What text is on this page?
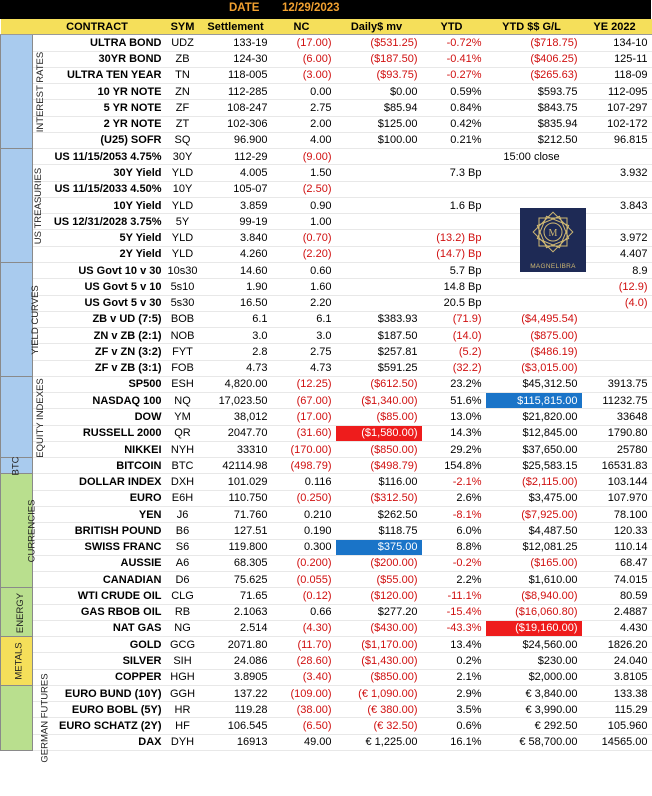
DATE 12/29/2023
	CONTRACT	SYM	Settlement	NC	Daily$ mv	YTD	YTD $$ G/L	YE 2022
INTEREST RATES	ULTRA BOND	UDZ	133-19	(17.00)	($531.25)	-0.72%	($718.75)	134-10
	30YR BOND	ZB	124-30	(6.00)	($187.50)	-0.41%	($406.25)	125-11
	ULTRA TEN YEAR	TN	118-005	(3.00)	($93.75)	-0.27%	($265.63)	118-09
	10 YR NOTE	ZN	112-285	0.00	$0.00	0.59%	$593.75	112-095
	5 YR NOTE	ZF	108-247	2.75	$85.94	0.84%	$843.75	107-297
	2 YR NOTE	ZT	102-306	2.00	$125.00	0.42%	$835.94	102-172
	(U25) SOFR	SQ	96.900	4.00	$100.00	0.21%	$212.50	96.815
US TREASURIES	US 11/15/2053 4.75%	30Y	112-29	(9.00)			15:00 close	
	30Y Yield	YLD	4.005	1.50		7.3 Bp		3.932
	US 11/15/2033 4.50%	10Y	105-07	(2.50)				
	10Y Yield	YLD	3.859	0.90		1.6 Bp		3.843
	US 12/31/2028 3.75%	5Y	99-19	1.00				
	5Y Yield	YLD	3.840	(0.70)		(13.2) Bp		3.972
	2Y Yield	YLD	4.260	(2.20)		(14.7) Bp		4.407
YIELD CURVES	US Govt 10 v 30	10s30	14.60	0.60		5.7 Bp		8.9
	US Govt 5 v 10	5s10	1.90	1.60		14.8 Bp		(12.9)
	US Govt 5 v 30	5s30	16.50	2.20		20.5 Bp		(4.0)
	ZB v UD (7:5)	BOB	6.1	6.1	$383.93	(71.9)	($4,495.54)	
	ZN v ZB (2:1)	NOB	3.0	3.0	$187.50	(14.0)	($875.00)	
	ZF v ZN (3:2)	FYT	2.8	2.75	$257.81	(5.2)	($486.19)	
	ZF v ZB (3:1)	FOB	4.73	4.73	$591.25	(32.2)	($3,015.00)	
EQUITY INDEXES	SP500	ESH	4,820.00	(12.25)	($612.50)	23.2%	$45,312.50	3913.75
	NASDAQ 100	NQ	17,023.50	(67.00)	($1,340.00)	51.6%	$115,815.00	11232.75
	DOW	YM	38,012	(17.00)	($85.00)	13.0%	$21,820.00	33648
	RUSSELL 2000	QR	2047.70	(31.60)	($1,580.00)	14.3%	$12,845.00	1790.80
	NIKKEI	NYH	33310	(170.00)	($850.00)	29.2%	$37,650.00	25780
BTC	BITCOIN	BTC	42114.98	(498.79)	($498.79)	154.8%	$25,583.15	16531.83
CURRENCIES	DOLLAR INDEX	DXH	101.029	0.116	$116.00	-2.1%	($2,115.00)	103.144
	EURO	E6H	110.750	(0.250)	($312.50)	2.6%	$3,475.00	107.970
	YEN	J6	71.760	0.210	$262.50	-8.1%	($7,925.00)	78.100
	BRITISH POUND	B6	127.51	0.190	$118.75	6.0%	$4,487.50	120.33
	SWISS FRANC	S6	119.800	0.300	$375.00	8.8%	$12,081.25	110.14
	AUSSIE	A6	68.305	(0.200)	($200.00)	-0.2%	($165.00)	68.47
	CANADIAN	D6	75.625	(0.055)	($55.00)	2.2%	$1,610.00	74.015
ENERGY	WTI CRUDE OIL	CLG	71.65	(0.12)	($120.00)	-11.1%	($8,940.00)	80.59
	GAS RBOB OIL	RB	2.1063	0.66	$277.20	-15.4%	($16,060.80)	2.4887
	NAT GAS	NG	2.514	(4.30)	($430.00)	-43.3%	($19,160.00)	4.430
METALS	GOLD	GCG	2071.80	(11.70)	($1,170.00)	13.4%	$24,560.00	1826.20
	SILVER	SIH	24.086	(28.60)	($1,430.00)	0.2%	$230.00	24.040
	COPPER	HGH	3.8905	(3.40)	($850.00)	2.1%	$2,000.00	3.8105
GERMAN FUTURES	EURO BUND (10Y)	GGH	137.22	(109.00)	(€ 1,090.00)	2.9%	€ 3,840.00	133.38
	EURO BOBL (5Y)	HR	119.28	(38.00)	(€ 380.00)	3.5%	€ 3,990.00	115.29
	EURO SCHATZ (2Y)	HF	106.545	(6.50)	(€ 32.50)	0.6%	€ 292.50	105.960
	DAX	DYH	16913	49.00	€ 1,225.00	16.1%	€ 58,700.00	14565.00
M
MAGNELIBRA
